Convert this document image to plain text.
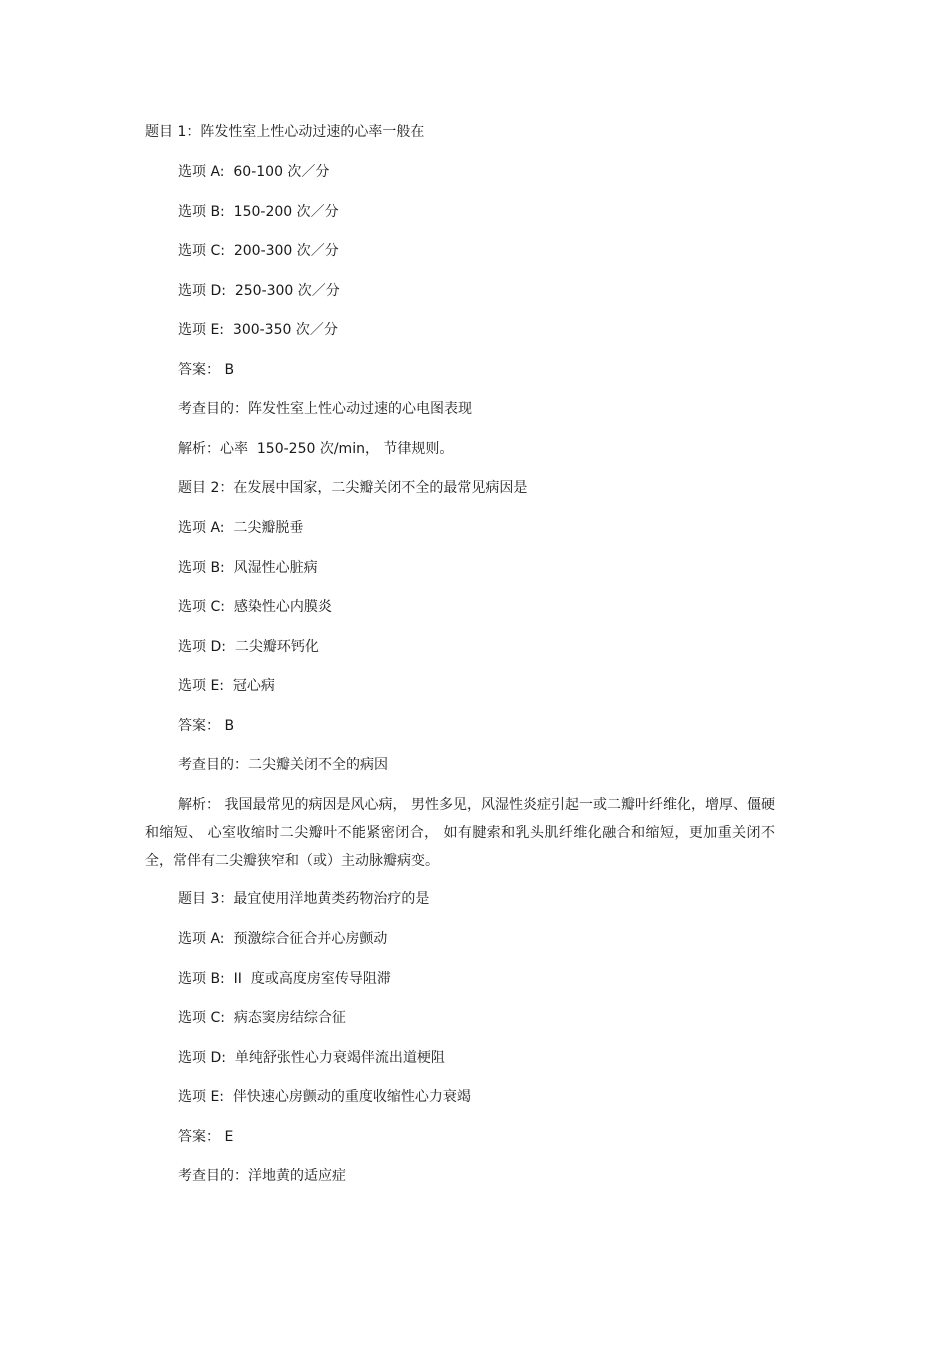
题目 1：阵发性室上性心动过速的心率一般在
选项 A:  60-100 次／分
选项 B:  150-200 次／分
选项 C:  200-300 次／分
选项 D:  250-300 次／分
选项 E:  300-350 次／分
答案： B
考查目的：阵发性室上性心动过速的心电图表现
解析：心率  150-250 次/min， 节律规则。
题目 2：在发展中国家，二尖瓣关闭不全的最常见病因是
选项 A:  二尖瓣脱垂
选项 B:  风湿性心脏病
选项 C:  感染性心内膜炎
选项 D:  二尖瓣环钙化
选项 E:  冠心病
答案： B
考查目的：二尖瓣关闭不全的病因
解析： 我国最常见的病因是风心病， 男性多见，风湿性炎症引起一或二瓣叶纤维化，增厚、僵硬和缩短、 心室收缩时二尖瓣叶不能紧密闭合， 如有腱索和乳头肌纤维化融合和缩短，更加重关闭不全，常伴有二尖瓣狭窄和（或）主动脉瓣病变。
题目 3：最宜使用洋地黄类药物治疗的是
选项 A:  预激综合征合并心房颤动
选项 B:  II  度或高度房室传导阻滞
选项 C:  病态窦房结综合征
选项 D:  单纯舒张性心力衰竭伴流出道梗阻
选项 E:  伴快速心房颤动的重度收缩性心力衰竭
答案： E
考查目的：洋地黄的适应症
